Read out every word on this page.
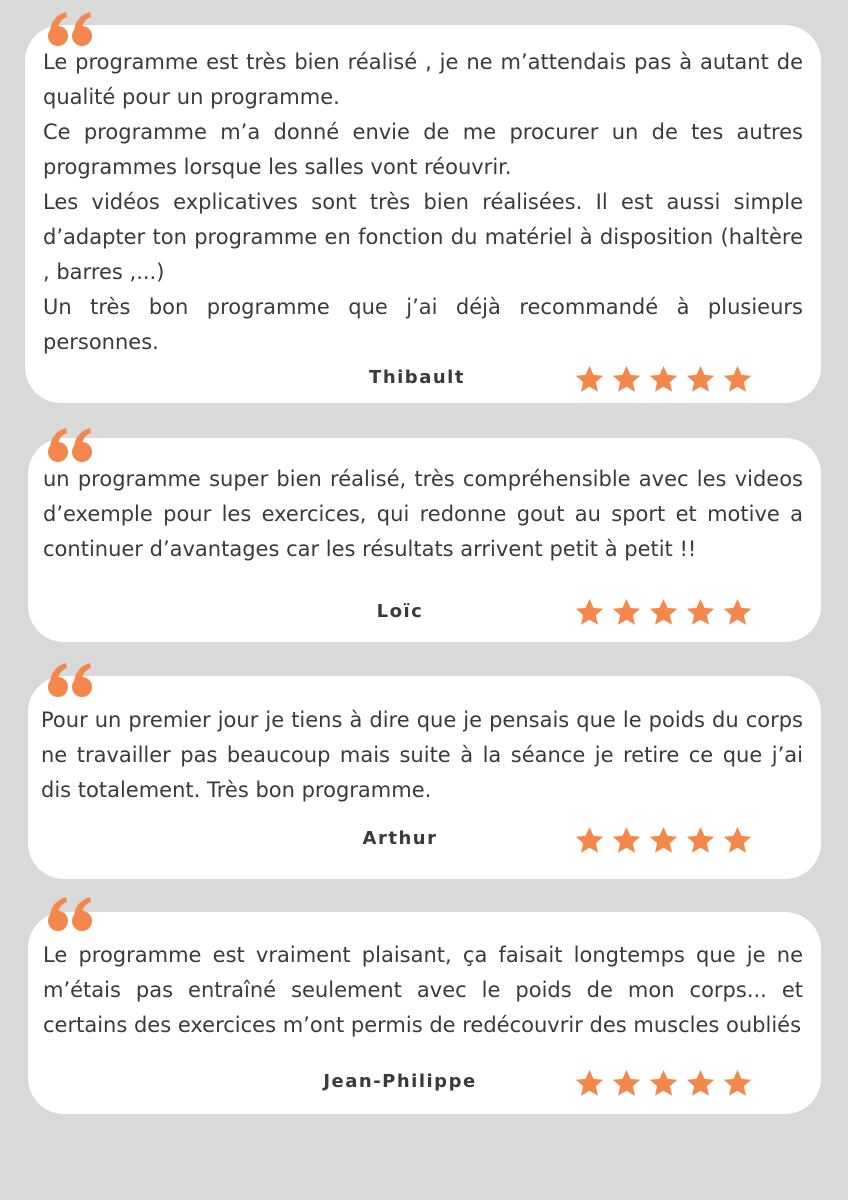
Le programme est très bien réalisé , je ne m’attendais pas à autant de qualité pour un programme.
Ce programme m’a donné envie de me procurer un de tes autres programmes lorsque les salles vont réouvrir.
Les vidéos explicatives sont très bien réalisées. Il est aussi simple d’adapter ton programme en fonction du matériel à disposition (haltère , barres ,...)
Un très bon programme que j’ai déjà recommandé à plusieurs personnes.
Thibault
un programme super bien réalisé, très compréhensible avec les videos d’exemple pour les exercices, qui redonne gout au sport et motive a continuer d’avantages car les résultats arrivent petit à petit !!
Loïc
Pour un premier jour je tiens à dire que je pensais que le poids du corps ne travailler pas beaucoup mais suite à la séance je retire ce que j’ai dis totalement. Très bon programme.
Arthur
Le programme est vraiment plaisant, ça faisait longtemps que je ne m’étais pas entraîné seulement avec le poids de mon corps... et certains des exercices m’ont permis de redécouvrir des muscles oubliés
Jean-Philippe
